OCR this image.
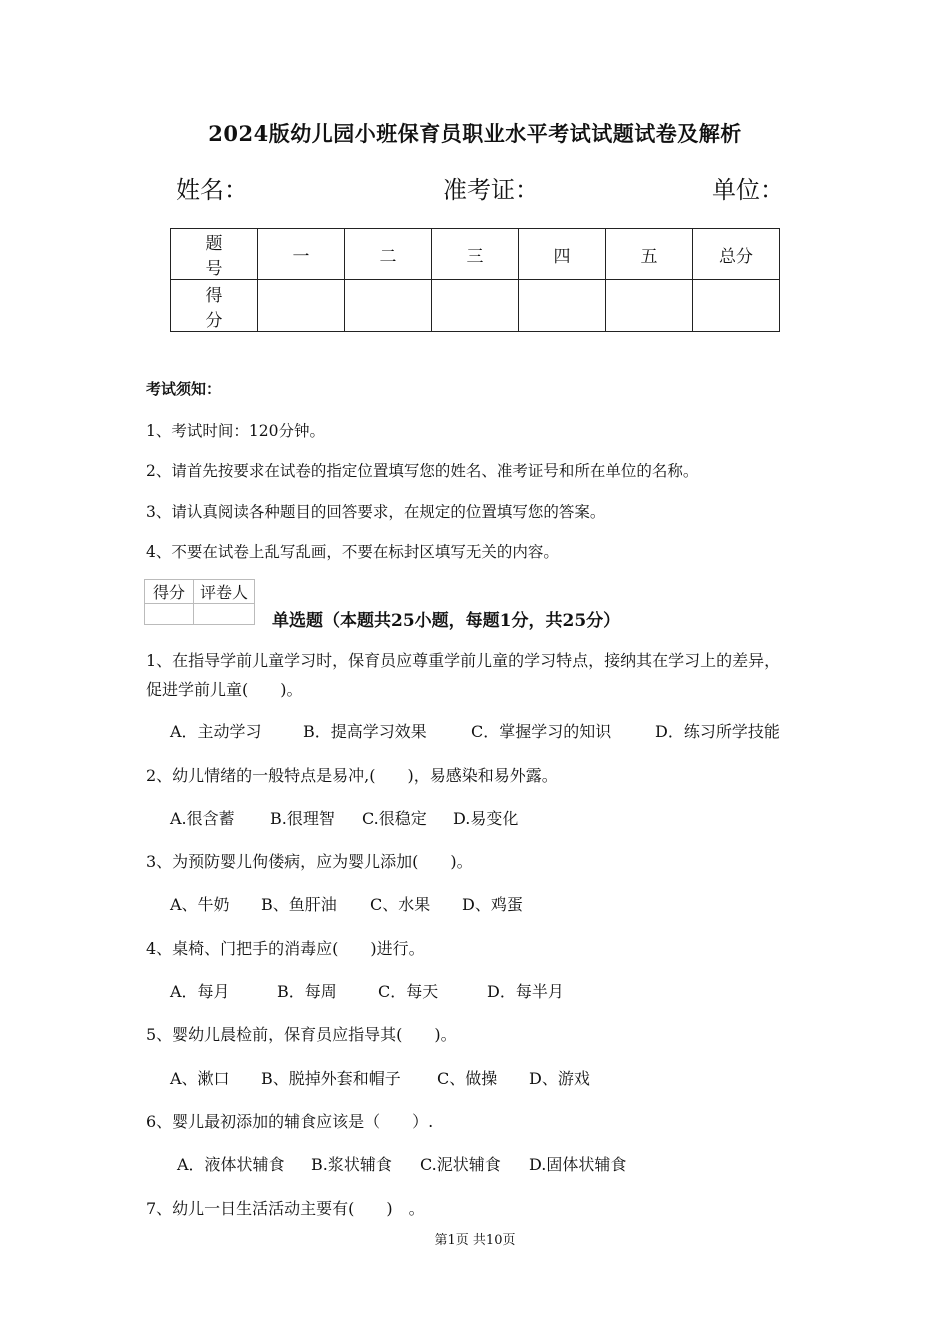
2024版幼儿园小班保育员职业水平考试试题试卷及解析
姓名：	准考证：	单位：
题 号	一	二	三	四	五	总分
得 分						
考试须知：
1、考试时间：120分钟。
2、请首先按要求在试卷的指定位置填写您的姓名、准考证号和所在单位的名称。
3、请认真阅读各种题目的回答要求，在规定的位置填写您的答案。
4、不要在试卷上乱写乱画，不要在标封区填写无关的内容。
得分	评卷人

单选题（本题共25小题，每题1分，共25分）
1、在指导学前儿童学习时，保育员应尊重学前儿童的学习特点，接纳其在学习上的差异，
促进学前儿童(　　)。
A．主动学习	B．提高学习效果	C．掌握学习的知识	D．练习所学技能
2、幼儿情绪的一般特点是易冲,(　　)，易感染和易外露。
A.很含蓄 B.很理智 C.很稳定 D.易变化
3、为预防婴儿佝偻病，应为婴儿添加(　　)。
A、牛奶 B、鱼肝油 C、水果 D、鸡蛋
4、桌椅、门把手的消毒应(　　)进行。
A．每月	B．每周	C．每天	D．每半月
5、婴幼儿晨检前，保育员应指导其(　　)。
A、漱口 B、脱掉外套和帽子 C、做操 D、游戏
6、婴儿最初添加的辅食应该是（　　）.
A．液体状辅食 B.浆状辅食 C.泥状辅食 D.固体状辅食
7、幼儿一日生活活动主要有(　　)　。
第1页 共10页
